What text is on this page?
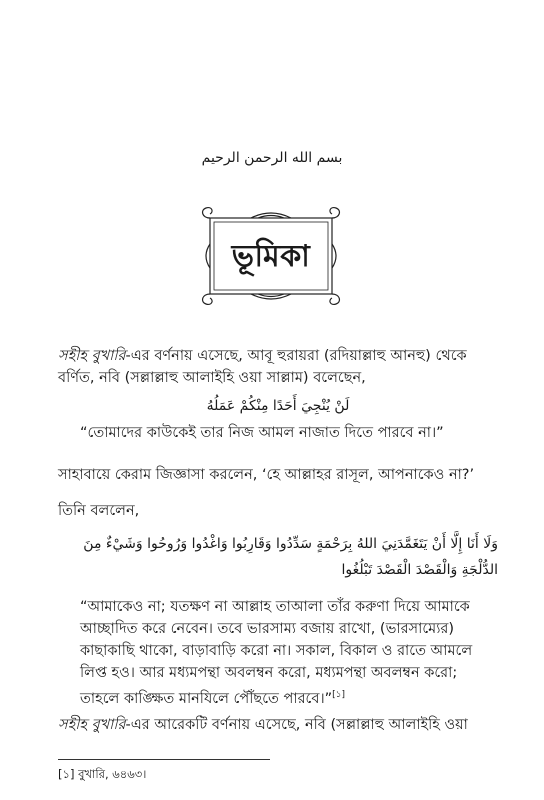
بسم الله الرحمن الرحيم
ভূমিকা
সহীহ বুখারি-এর বর্ণনায় এসেছে, আবূ হুরায়রা (রদিয়াল্লাহু আনহু) থেকে বর্ণিত, নবি (সল্লাল্লাহু আলাইহি ওয়া সাল্লাম) বলেছেন,
لَنْ يُنْجِيَ أَحَدًا مِنْكُمْ عَمَلُهُ
“তোমাদের কাউকেই তার নিজ আমল নাজাত দিতে পারবে না।”
সাহাবায়ে কেরাম জিজ্ঞাসা করলেন, ‘হে আল্লাহর রাসূল, আপনাকেও না?’
তিনি বললেন,
وَلَا أَنَا إِلَّا أَنْ يَتَغَمَّدَنِيَ اللهُ بِرَحْمَةٍ سَدِّدُوا وَقَارِبُوا وَاغْدُوا وَرُوحُوا وَشَيْءٌ مِنَ
الدُّلْجَةِ وَالْقَصْدَ الْقَصْدَ تَبْلُغُوا
“আমাকেও না; যতক্ষণ না আল্লাহ তাআলা তাঁর করুণা দিয়ে আমাকে আচ্ছাদিত করে নেবেন। তবে ভারসাম্য বজায় রাখো, (ভারসাম্যের) কাছাকাছি থাকো, বাড়াবাড়ি করো না। সকাল, বিকাল ও রাতে আমলে লিপ্ত হও। আর মধ্যমপন্থা অবলম্বন করো, মধ্যমপন্থা অবলম্বন করো; তাহলে কাঙ্ক্ষিত মানযিলে পৌঁছতে পারবে।”[১]
সহীহ বুখারি-এর আরেকটি বর্ণনায় এসেছে, নবি (সল্লাল্লাহু আলাইহি ওয়া
[১] বুখারি, ৬৪৬৩।
